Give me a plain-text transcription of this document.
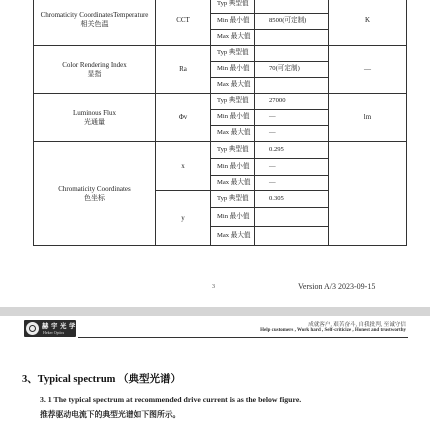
Chromaticity CoordinatesTemperature
相关色温	CCT	Typ 典型值		K
		Min 最小值	8500(可定制)	
		Max 最大值		

Color Rendering Index
显指	Ra	Typ 典型值		—
		Min 最小值	70(可定制)	
		Max 最大值		

Luminous Flux
光通量	Φv	Typ 典型值	27000	lm
		Min 最小值	—	
		Max 最大值	—	

Chromaticity Coordinates
色坐标	x	Typ 典型值	0.295	
		Min 最小值	—	
		Max 最大值	—	
	y	Typ 典型值	0.305	
		Min 最小值		
		Max 最大值		
3	Version A/3 2023-09-15
赫 宇 光 学
Heker Optics
成就客户, 艰苦奋斗, 自我批判, 至诚守信
Help customers , Work hard , Self-criticize , Honest and trustworthy
3、Typical spectrum （典型光谱）
3. 1 The typical spectrum at recommended drive current is as the below figure.
推荐驱动电流下的典型光谱如下图所示。
